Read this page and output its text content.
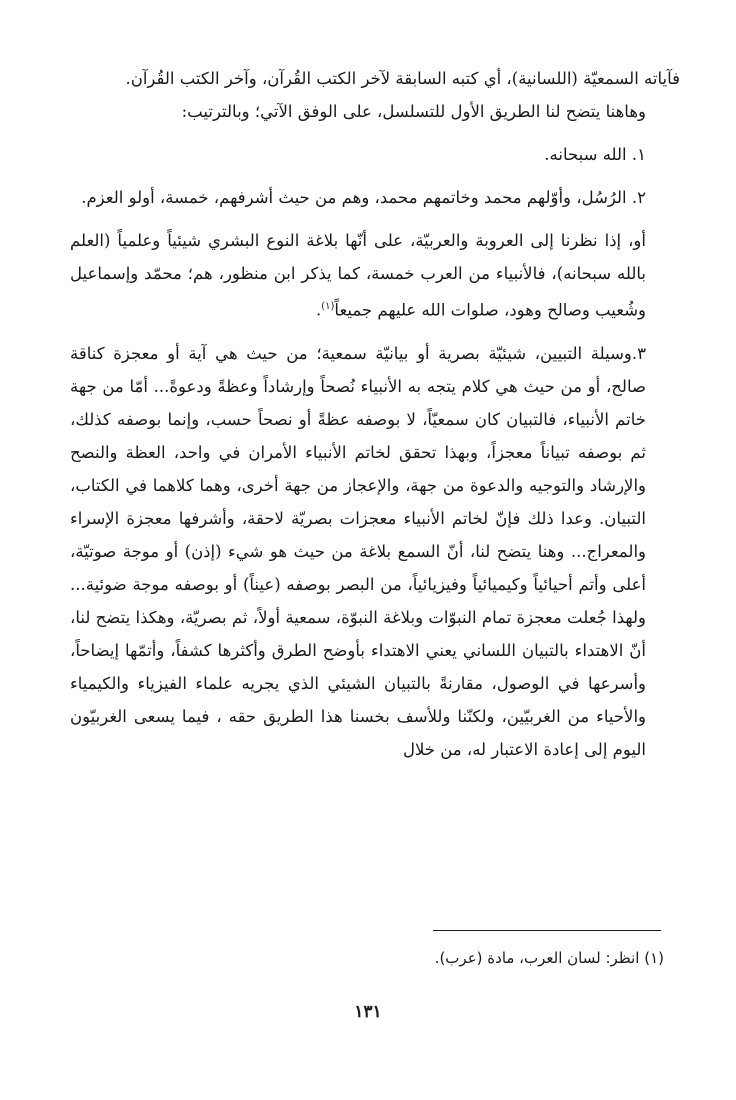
فآياته السمعيّة (اللسانية)، أي كتبه السابقة لآخر الكتب القُرآن، وآخر الكتب القُرآن.

وهاهنا يتضح لنا الطريق الأول للتسلسل، على الوفق الآتي؛ وبالترتيب:

١. الله سبحانه.

٢. الرُسُل، وأوّلهم محمد وخاتمهم محمد، وهم من حيث أشرفهم، خمسة، أولو العزم.

أو، إذا نظرنا إلى العروبة والعربيّة، على أنّها بلاغة النوع البشري شيئياً وعلمياً (العلم بالله سبحانه)، فالأنبياء من العرب خمسة، كما يذكر ابن منظور، هم؛ محمّد وإسماعيل وشُعيب وصالح وهود، صلوات الله عليهم جميعاً$^{(١)}$.

٣.وسيلة التبيين، شيئيّة بصرية أو بيانيّة سمعية؛ من حيث هي آية أو معجزة كناقة صالح، أو من حيث هي كلام يتجه به الأنبياء نُصحاً وإرشاداً وعظةً ودعوةً... أمّا من جهة خاتم الأنبياء، فالتبيان كان سمعيّاً، لا بوصفه عظةً أو نصحاً حسب، وإنما بوصفه كذلك، ثم بوصفه تبياناً معجزاً، وبهذا تحقق لخاتم الأنبياء الأمران في واحد، العظة والنصح والإرشاد والتوجيه والدعوة من جهة، والإعجاز من جهة أخرى، وهما كلاهما في الكتاب، التبيان. وعدا ذلك فإنّ لخاتم الأنبياء معجزات بصريّة لاحقة، وأشرفها معجزة الإسراء والمعراج... وهنا يتضح لنا، أنّ السمع بلاغة من حيث هو شيء (إذن) أو موجة صوتيّة، أعلى وأتم أحيائياً وكيميائياً وفيزيائياً، من البصر بوصفه (عيناً) أو بوصفه موجة ضوئية... ولهذا جُعلت معجزة تمام النبوّات وبلاغة النبوّة، سمعية أولاً، ثم بصريّة، وهكذا يتضح لنا، أنّ الاهتداء بالتبيان اللساني يعني الاهتداء بأوضح الطرق وأكثرها كشفاً، وأتمّها إيضاحاً، وأسرعها في الوصول، مقارنةً بالتبيان الشيئي الذي يجريه علماء الفيزياء والكيمياء والأحياء من الغربيّين، ولكنّنا وللأسف بخسنا هذا الطريق حقه ، فيما يسعى الغربيّون اليوم إلى إعادة الاعتبار له، من خلال

(١) انظر: لسان العرب، مادة (عرب).
١٣١
